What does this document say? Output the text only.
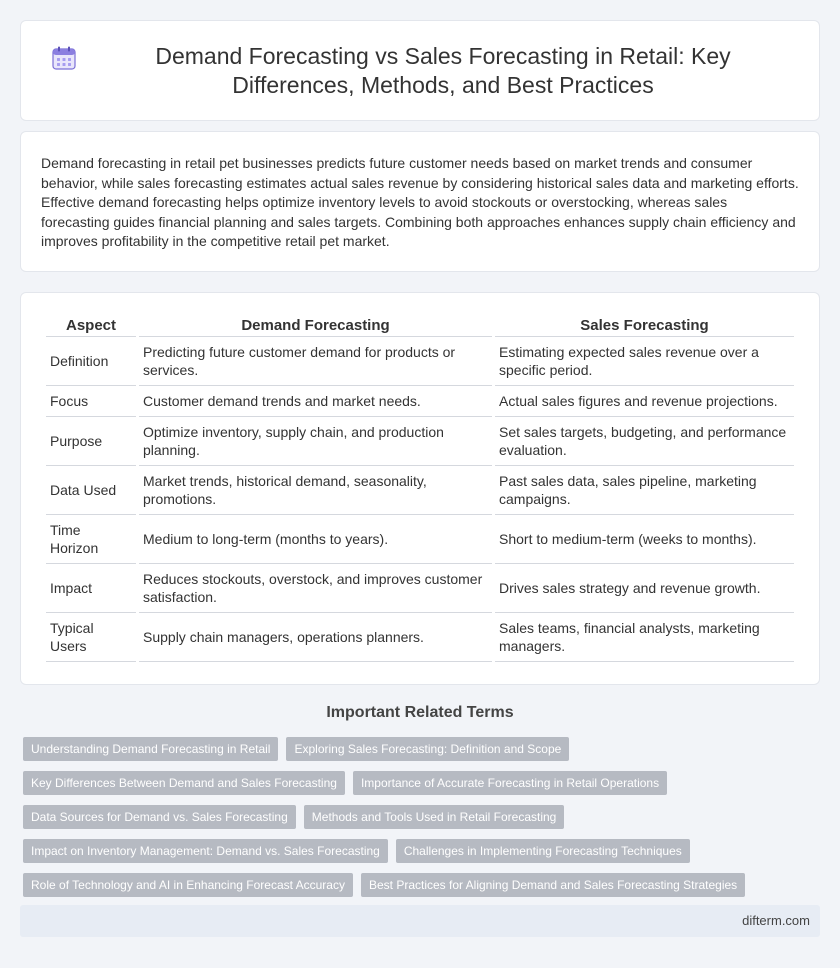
Demand Forecasting vs Sales Forecasting in Retail: Key Differences, Methods, and Best Practices

Demand forecasting in retail pet businesses predicts future customer needs based on market trends and consumer behavior, while sales forecasting estimates actual sales revenue by considering historical sales data and marketing efforts. Effective demand forecasting helps optimize inventory levels to avoid stockouts or overstocking, whereas sales forecasting guides financial planning and sales targets. Combining both approaches enhances supply chain efficiency and improves profitability in the competitive retail pet market.

Aspect	Demand Forecasting	Sales Forecasting
Definition	Predicting future customer demand for products or services.	Estimating expected sales revenue over a specific period.
Focus	Customer demand trends and market needs.	Actual sales figures and revenue projections.
Purpose	Optimize inventory, supply chain, and production planning.	Set sales targets, budgeting, and performance evaluation.
Data Used	Market trends, historical demand, seasonality, promotions.	Past sales data, sales pipeline, marketing campaigns.
Time Horizon	Medium to long-term (months to years).	Short to medium-term (weeks to months).
Impact	Reduces stockouts, overstock, and improves customer satisfaction.	Drives sales strategy and revenue growth.
Typical Users	Supply chain managers, operations planners.	Sales teams, financial analysts, marketing managers.
Important Related Terms
Understanding Demand Forecasting in Retail	Exploring Sales Forecasting: Definition and Scope
Key Differences Between Demand and Sales Forecasting	Importance of Accurate Forecasting in Retail Operations
Data Sources for Demand vs. Sales Forecasting	Methods and Tools Used in Retail Forecasting
Impact on Inventory Management: Demand vs. Sales Forecasting	Challenges in Implementing Forecasting Techniques
Role of Technology and AI in Enhancing Forecast Accuracy	Best Practices for Aligning Demand and Sales Forecasting Strategies
difterm.com
